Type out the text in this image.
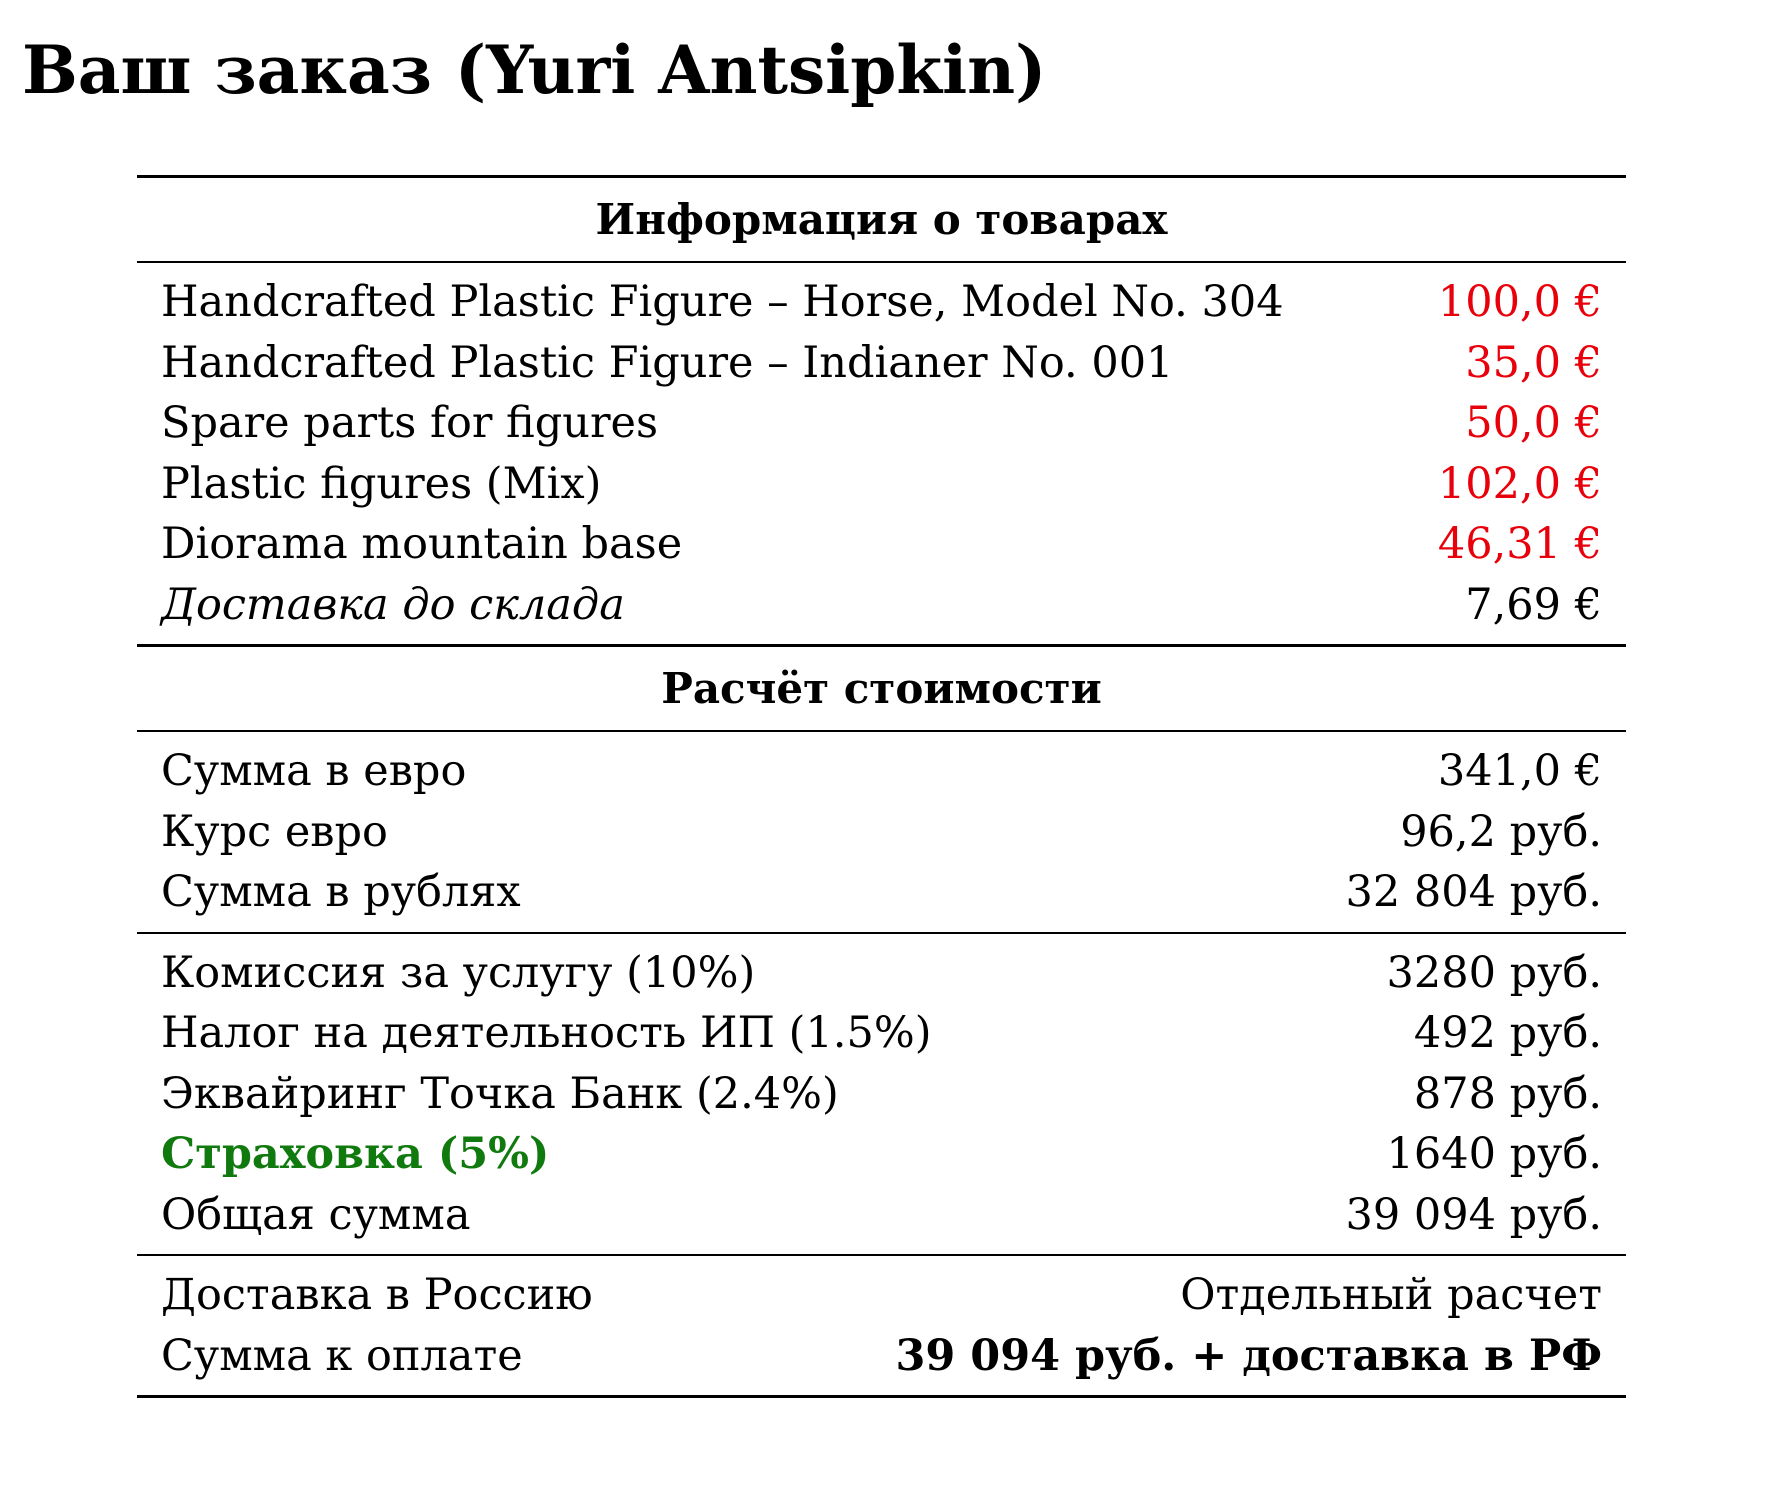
Ваш заказ (Yuri Antsipkin)
Информация о товарах
Handcrafted Plastic Figure – Horse, Model No. 304	100,0 €
Handcrafted Plastic Figure – Indianer No. 001	35,0 €
Spare parts for figures	50,0 €
Plastic figures (Mix)	102,0 €
Diorama mountain base	46,31 €
Доставка до склада	7,69 €
Расчёт стоимости
Сумма в евро	341,0 €
Курс евро	96,2 руб.
Сумма в рублях	32 804 руб.
Комиссия за услугу (10%)	3280 руб.
Налог на деятельность ИП (1.5%)	492 руб.
Эквайринг Точка Банк (2.4%)	878 руб.
Страховка (5%)	1640 руб.
Общая сумма	39 094 руб.
Доставка в Россию	Отдельный расчет
Сумма к оплате	39 094 руб. + доставка в РФ
